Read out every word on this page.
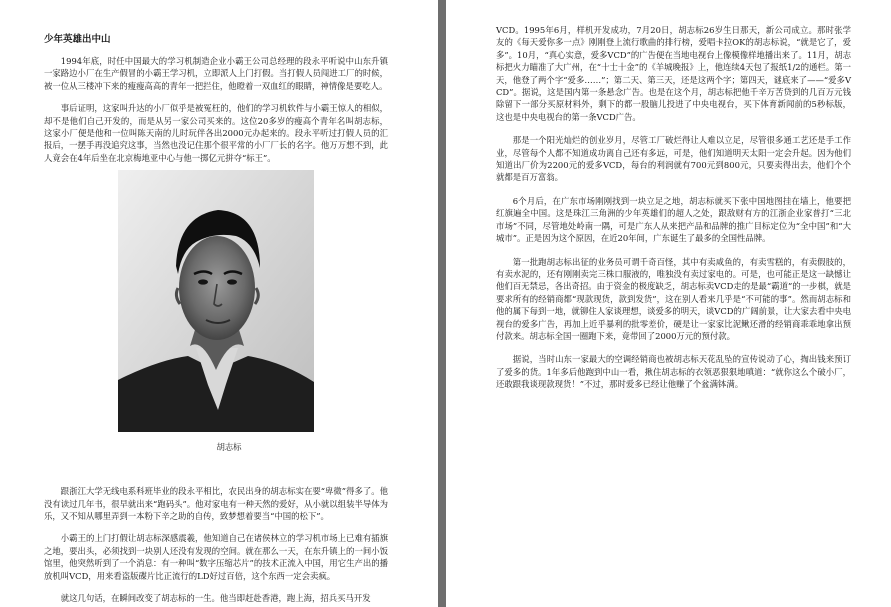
少年英雄出中山

1994年底，时任中国最大的学习机制造企业小霸王公司总经理的段永平听说中山东升镇一家路边小厂在生产假冒的小霸王学习机，立即派人上门打假。当打假人员闯进工厂的时候，被一位从三楼冲下来的瘦瘦高高的青年一把拦住，他瞪着一双血红的眼睛，神情像是要吃人。

事后证明，这家叫升达的小厂似乎是被冤枉的，他们的学习机软件与小霸王惊人的相似，却不是他们自己开发的，而是从另一家公司买来的。这位20多岁的瘦高个青年名叫胡志标，这家小厂便是他和一位叫陈天南的儿时玩伴各出2000元办起来的。段永平听过打假人员的汇报后，一摆手再没追究这事，当然也没记住那个很平常的小厂厂长的名字。他万万想不到，此人竟会在4年后坐在北京梅地亚中心与他一掷亿元拼夺“标王”。

胡志标

跟浙江大学无线电系科班毕业的段永平相比，农民出身的胡志标实在要“卑微”得多了。他没有读过几年书，很早就出来“跑码头”。他对家电有一种天然的爱好，从小就以组装半导体为乐，又不知从哪里弄到一本粉下辛之助的自传，致梦想着要当“中国的松下”。

小霸王的上门打假让胡志标深感震羲，他知道自己在诸侯林立的学习机市场上已难有插旗之地，要出头，必须找到一块别人还没有发现的空间。就在那么一天，在东升镇上的一间小饭馆里，他突然听到了一个消息：有一种叫“数字压缩芯片”的技术正流入中国，用它生产出的播放机叫VCD，用来看盗版碟片比正流行的LD好过百倍，这个东西一定会卖疯。

就这几句话，在瞬间改变了胡志标的一生。他当即赶赴香港，跑上海，招兵买马开发

VCD。1995年6月，样机开发成功，7月20日，胡志标26岁生日那天，新公司成立。那时张学友的《每天爱你多一点》刚刚登上流行歌曲的排行榜，爱唱卡拉OK的胡志标说，“就是它了，爱多”。10月，“真心实意，爱多VCD”的广告便在当地电视台上像模像样地播出来了。11月，胡志标把火力瞄准了大广州，在“十士十金”的《羊城晚报》上，他连续4天包了报纸1/2的通栏。第一天，他登了两个字“爱多……”；第二天、第三天，还是这两个字；第四天，谜底来了——“爱多VCD”。据说，这是国内第一条悬念广告。也是在这个月，胡志标把他千辛万苦贷到的几百万元钱除留下一部分买原材料外，剩下的都一股脑儿投进了中央电视台，买下体育新闻前的5秒标版，这也是中央电视台的第一条VCD广告。

那是一个阳光灿烂的创业岁月，尽管工厂破烂得让人难以立足，尽管很多通工艺还是手工作业，尽管每个人都不知道成功离自己还有多远，可是，他们知道明天太阳一定会升起。因为他们知道出厂价为2200元的爱多VCD，每台的利润就有700元到800元，只要卖得出去，他们个个就都是百万富翁。

6个月后，在广东市场刚刚找到一块立足之地，胡志标就买下张中国地图挂在墙上，他要把红旗遍全中国。这是珠江三角洲的少年英雄们的超人之处，跟敌财有方的江浙企业家普打“三北市场”不同，尽管地处岭南一隅，可是广东人从来把产品和品牌的推广目标定位为“全中国”和“大城市”。正是因为这个原因，在近20年间，广东诞生了最多的全国性品牌。

第一批跑胡志标出征的业务员可谓千奇百怪，其中有卖咸鱼的，有卖雪糕的，有卖假肢的，有卖水泥的，还有刚刚卖完三株口服液的，唯独没有卖过家电的。可是，也可能正是这一缺憾让他们百无禁忌，各出奇招。由于资金的极度缺乏，胡志标卖VCD走的是最“霸道”的一步棋，就是要求所有的经销商都“现款现货，款到发货”，这在别人看来几乎是“不可能的事”。然而胡志标和他的属下每到一地，就铆住人家谈理想，谈爱多的明天，谈VCD的广阔前景，让大家去看中央电视台的爱多广告，再加上近乎暴利的批零差价，硬是让一家家比泥鳅还滑的经销商乖乖地拿出预付款来。胡志标全国一圈跑下来，竟带回了2000万元的预付款。

据说，当时山东一家最大的空调经销商也被胡志标天花乱坠的宣传说动了心，掏出钱来预订了爱多的货。1年多后他跑到中山一看，揪住胡志标的衣领恶狠狠地嗔道：“就你这么个破小厂，还敢跟我谈现款现货！”不过，那时爱多已经让他赚了个盆满钵满。
